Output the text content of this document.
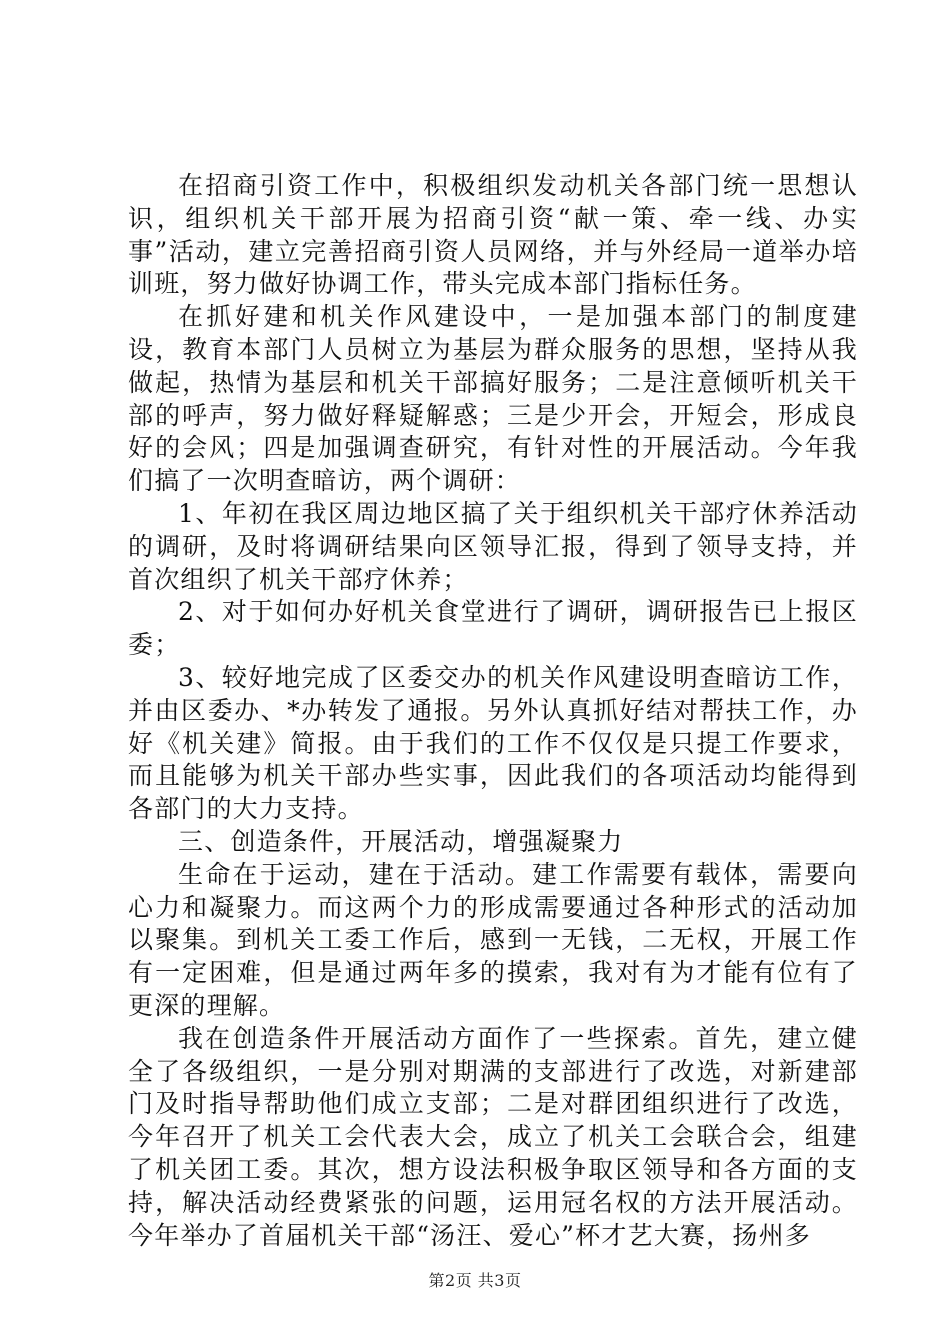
在招商引资工作中，积极组织发动机关各部门统一思想认识，组织机关干部开展为招商引资“献一策、牵一线、办实事”活动，建立完善招商引资人员网络，并与外经局一道举办培训班，努力做好协调工作，带头完成本部门指标任务。

在抓好建和机关作风建设中，一是加强本部门的制度建设，教育本部门人员树立为基层为群众服务的思想，坚持从我做起，热情为基层和机关干部搞好服务；二是注意倾听机关干部的呼声，努力做好释疑解惑；三是少开会，开短会，形成良好的会风；四是加强调查研究，有针对性的开展活动。今年我们搞了一次明查暗访，两个调研：

1、年初在我区周边地区搞了关于组织机关干部疗休养活动的调研，及时将调研结果向区领导汇报，得到了领导支持，并首次组织了机关干部疗休养；

2、对于如何办好机关食堂进行了调研，调研报告已上报区委；

3、较好地完成了区委交办的机关作风建设明查暗访工作，并由区委办、*办转发了通报。另外认真抓好结对帮扶工作，办好《机关建》简报。由于我们的工作不仅仅是只提工作要求，而且能够为机关干部办些实事，因此我们的各项活动均能得到各部门的大力支持。

三、创造条件，开展活动，增强凝聚力

生命在于运动，建在于活动。建工作需要有载体，需要向心力和凝聚力。而这两个力的形成需要通过各种形式的活动加以聚集。到机关工委工作后，感到一无钱，二无权，开展工作有一定困难，但是通过两年多的摸索，我对有为才能有位有了更深的理解。

我在创造条件开展活动方面作了一些探索。首先，建立健全了各级组织，一是分别对期满的支部进行了改选，对新建部门及时指导帮助他们成立支部；二是对群团组织进行了改选，今年召开了机关工会代表大会，成立了机关工会联合会，组建了机关团工委。其次，想方设法积极争取区领导和各方面的支持，解决活动经费紧张的问题，运用冠名权的方法开展活动。今年举办了首届机关干部“汤汪、爱心”杯才艺大赛，扬州多

第2页 共3页
